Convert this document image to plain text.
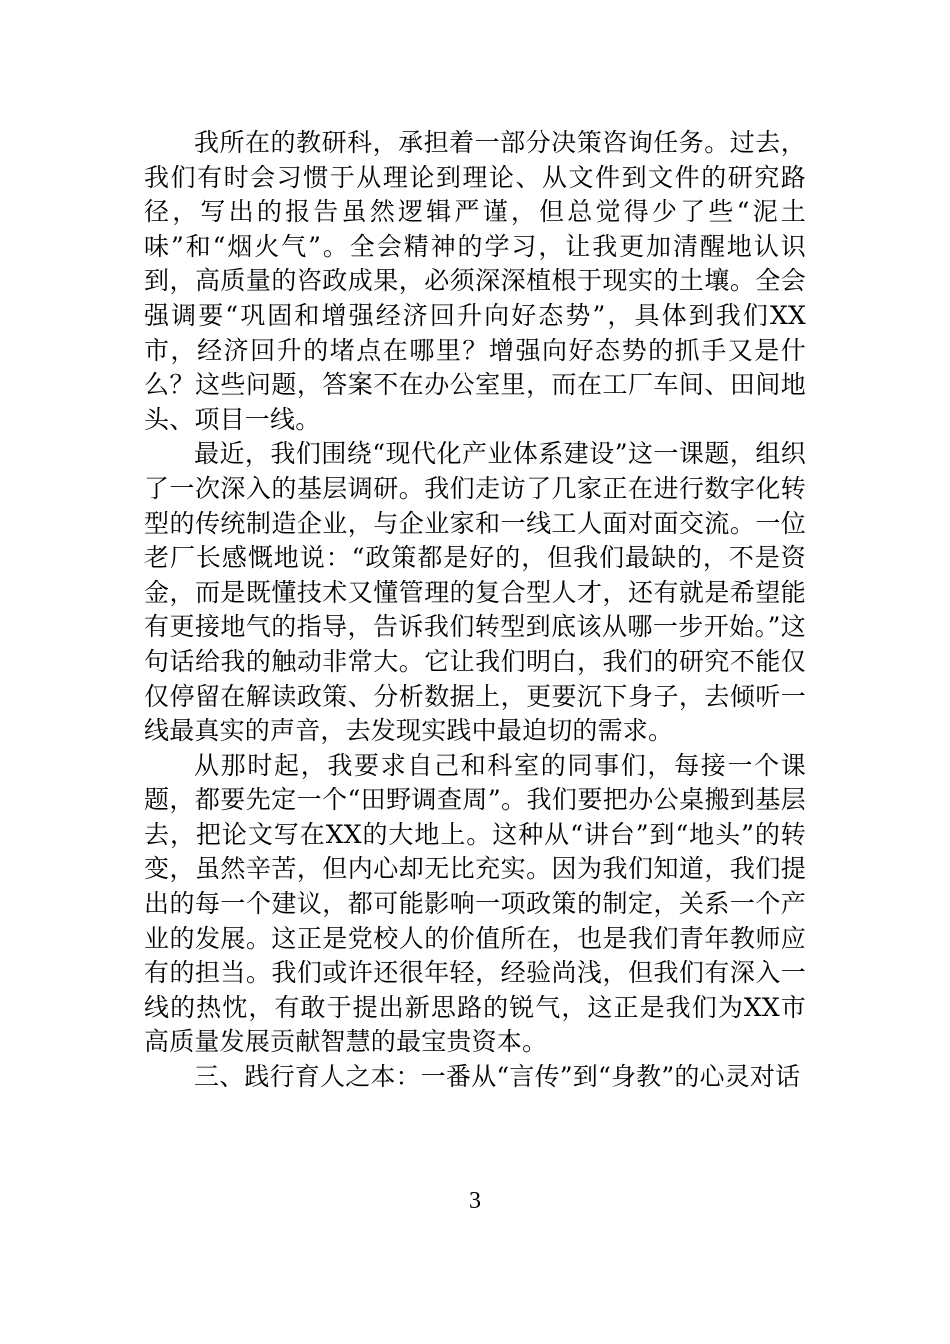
我所在的教研科，承担着一部分决策咨询任务。过去，我们有时会习惯于从理论到理论、从文件到文件的研究路径，写出的报告虽然逻辑严谨，但总觉得少了些“泥土味”和“烟火气”。全会精神的学习，让我更加清醒地认识到，高质量的咨政成果，必须深深植根于现实的土壤。全会强调要“巩固和增强经济回升向好态势”，具体到我们XX市，经济回升的堵点在哪里？增强向好态势的抓手又是什么？这些问题，答案不在办公室里，而在工厂车间、田间地头、项目一线。

最近，我们围绕“现代化产业体系建设”这一课题，组织了一次深入的基层调研。我们走访了几家正在进行数字化转型的传统制造企业，与企业家和一线工人面对面交流。一位老厂长感慨地说：“政策都是好的，但我们最缺的，不是资金，而是既懂技术又懂管理的复合型人才，还有就是希望能有更接地气的指导，告诉我们转型到底该从哪一步开始。”这句话给我的触动非常大。它让我们明白，我们的研究不能仅仅停留在解读政策、分析数据上，更要沉下身子，去倾听一线最真实的声音，去发现实践中最迫切的需求。

从那时起，我要求自己和科室的同事们，每接一个课题，都要先定一个“田野调查周”。我们要把办公桌搬到基层去，把论文写在XX的大地上。这种从“讲台”到“地头”的转变，虽然辛苦，但内心却无比充实。因为我们知道，我们提出的每一个建议，都可能影响一项政策的制定，关系一个产业的发展。这正是党校人的价值所在，也是我们青年教师应有的担当。我们或许还很年轻，经验尚浅，但我们有深入一线的热忱，有敢于提出新思路的锐气，这正是我们为XX市高质量发展贡献智慧的最宝贵资本。

三、践行育人之本：一番从“言传”到“身教”的心灵对话

3
